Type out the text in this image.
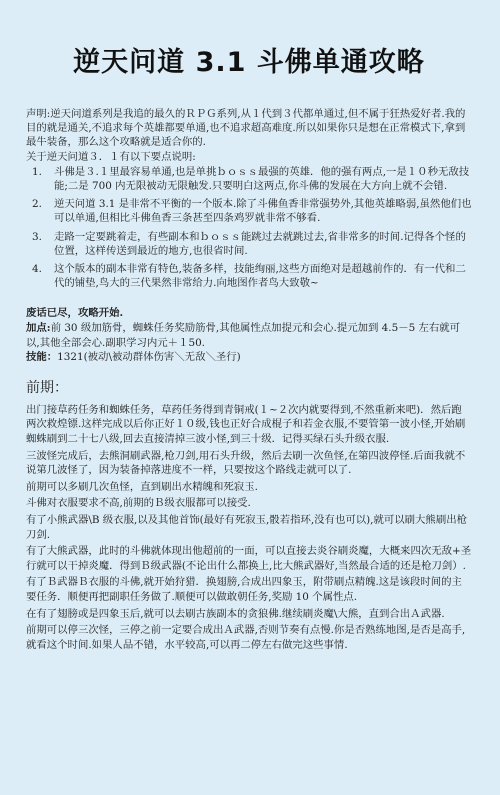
逆天问道 3.1 斗佛单通攻略

声明:逆天问道系列是我追的最久的ＲＰＧ系列,从１代到３代都单通过,但不属于狂热爱好者.我的目的就是通关,不追求每个英雄都要单通,也不追求超高难度.所以如果你只是想在正常模式下,拿到最牛装备，那么这个攻略就是适合你的.

关于逆天问道３．１有以下要点说明:

1. 斗佛是３.１里最容易单通,也是单挑ｂｏｓｓ最强的英雄．他的强有两点,一是１０秒无敌技能;二是 700 内无限被动无限触发.只要明白这两点,你斗佛的发展在大方向上就不会错.
2. 逆天问道 3.1 是非常不平衡的一个版本.除了斗佛鱼香非常强势外,其他英雄略弱,虽然他们也可以单通,但相比斗佛鱼香三条甚至四条鸡罗就非常不够看.
3. 走路一定要跳着走，有些副本和ｂｏｓｓ能跳过去就跳过去,省非常多的时间.记得各个怪的位置，这样传送到最近的地方,也很省时间.
4. 这个版本的副本非常有特色,装备多样，技能绚丽,这些方面绝对是超越前作的．有一代和二代的铺垫,鸟大的三代果然非常给力.向地图作者鸟大致敬~

废话已尽，攻略开始.

加点:前 30 级加筋骨，蜘蛛任务奖励筋骨,其他属性点加提元和会心.提元加到 4.5－5 左右就可以,其他全部会心.副职学习内元＋１50.

技能：1321(被动\被动群体伤害＼无敌＼圣行)

前期：

出门接草药任务和蜘蛛任务，草药任务得到青铜戒(１~２次内就要得到,不然重新来吧)．然后跑两次救煌镖.这样完成以后你正好１０级,钱也正好合成棍子和若金衣服,不要管第一波小怪,开始刷蜘蛛刷到二十七八级,回去直接清掉三波小怪,到三十级．记得买绿石头升级衣服.

三波怪完成后，去熊洞刷武器,枪刀剑,用石头升级，然后去刷一次鱼怪,在第四波停怪.后面我就不说第几波怪了，因为装备掉落进度不一样，只要按这个路线走就可以了.

前期可以多刷几次鱼怪，直到刷出水精魄和死寂玉.

斗佛对衣服要求不高,前期的Ｂ级衣服都可以接受.

有了小熊武器\B 级衣服,以及其他首饰(最好有死寂玉,骰若指环,没有也可以),就可以刷大熊刷出枪刀剑.

有了大熊武器，此时的斗佛就体现出他超前的一面，可以直接去炎谷刷炎魔，大概来四次无敌+圣行就可以干掉炎魔．得到Ｂ级武器(不论出什么都换上,比大熊武器好,当然最合适的还是枪刀剑）.

有了Ｂ武器Ｂ衣服的斗佛,就开始狩猎．换翅膀,合成出四象玉，附带刷点精魄.这是该段时间的主要任务．顺便再把副职任务做了.顺便可以做敢朝任务,奖励 10 个属性点.

在有了翅膀或是四象玉后,就可以去刷古族副本的贪狼佛.继续刷炎魔\大熊，直到合出Ａ武器.

前期可以停三次怪，三停之前一定要合成出Ａ武器,否则节奏有点慢.你是否熟练地图,是否是高手,就看这个时间.如果人品不错，水平较高,可以再二停左右做完这些事情.
